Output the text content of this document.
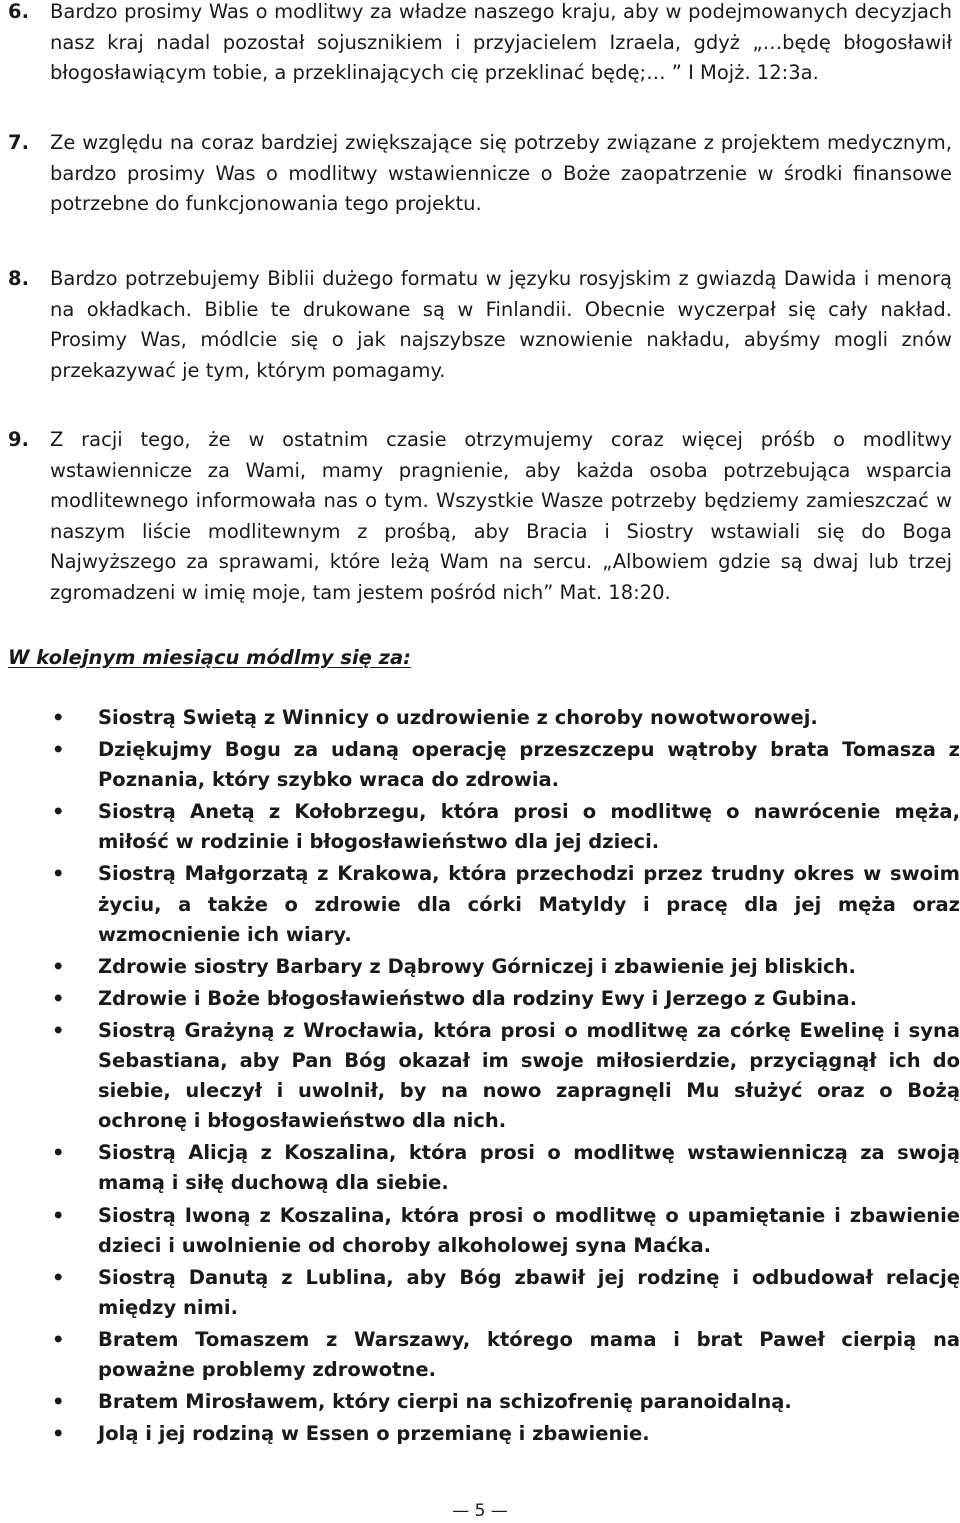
6.	Bardzo prosimy Was o modlitwy za władze naszego kraju, aby w podejmowanych decyzjach nasz kraj nadal pozostał sojusznikiem i przyjacielem Izraela, gdyż „…będę błogosławił błogosławiącym tobie, a przeklinających cię przeklinać będę;… ” I Mojż. 12:3a.
7.	Ze względu na coraz bardziej zwiększające się potrzeby związane z projektem medycznym, bardzo prosimy Was o modlitwy wstawiennicze o Boże zaopatrzenie w środki finansowe potrzebne do funkcjonowania tego projektu.
8.	Bardzo potrzebujemy Biblii dużego formatu w języku rosyjskim z gwiazdą Dawida i menorą na okładkach. Biblie te drukowane są w Finlandii. Obecnie wyczerpał się cały nakład. Prosimy Was, módlcie się o jak najszybsze wznowienie nakładu, abyśmy mogli znów przekazywać je tym, którym pomagamy.
9.	Z racji tego, że w ostatnim czasie otrzymujemy coraz więcej próśb o modlitwy wstawiennicze za Wami, mamy pragnienie, aby każda osoba potrzebująca wsparcia modlitewnego informowała nas o tym. Wszystkie Wasze potrzeby będziemy zamieszczać w naszym liście modlitewnym z prośbą, aby Bracia i Siostry wstawiali się do Boga Najwyższego za sprawami, które leżą Wam na sercu. „Albowiem gdzie są dwaj lub trzej zgromadzeni w imię moje, tam jestem pośród nich” Mat. 18:20.
W kolejnym miesiącu módlmy się za:
• Siostrą Swietą z Winnicy o uzdrowienie z choroby nowotworowej.
• Dziękujmy Bogu za udaną operację przeszczepu wątroby brata Tomasza z Poznania, który szybko wraca do zdrowia.
• Siostrą Anetą z Kołobrzegu, która prosi o modlitwę o nawrócenie męża, miłość w rodzinie i błogosławieństwo dla jej dzieci.
• Siostrą Małgorzatą z Krakowa, która przechodzi przez trudny okres w swoim życiu, a także o zdrowie dla córki Matyldy i pracę dla jej męża oraz wzmocnienie ich wiary.
• Zdrowie siostry Barbary z Dąbrowy Górniczej i zbawienie jej bliskich.
• Zdrowie i Boże błogosławieństwo dla rodziny Ewy i Jerzego z Gubina.
• Siostrą Grażyną z Wrocławia, która prosi o modlitwę za córkę Ewelinę i syna Sebastiana, aby Pan Bóg okazał im swoje miłosierdzie, przyciągnął ich do siebie, uleczył i uwolnił, by na nowo zapragnęli Mu służyć oraz o Bożą ochronę i błogosławieństwo dla nich.
• Siostrą Alicją z Koszalina, która prosi o modlitwę wstawienniczą za swoją mamą i siłę duchową dla siebie.
• Siostrą Iwoną z Koszalina, która prosi o modlitwę o upamiętanie i zbawienie dzieci i uwolnienie od choroby alkoholowej syna Maćka.
• Siostrą Danutą z Lublina, aby Bóg zbawił jej rodzinę i odbudował relację między nimi.
• Bratem Tomaszem z Warszawy, którego mama i brat Paweł cierpią na poważne problemy zdrowotne.
• Bratem Mirosławem, który cierpi na schizofrenię paranoidalną.
• Jolą i jej rodziną w Essen o przemianę i zbawienie.
— 5 —
